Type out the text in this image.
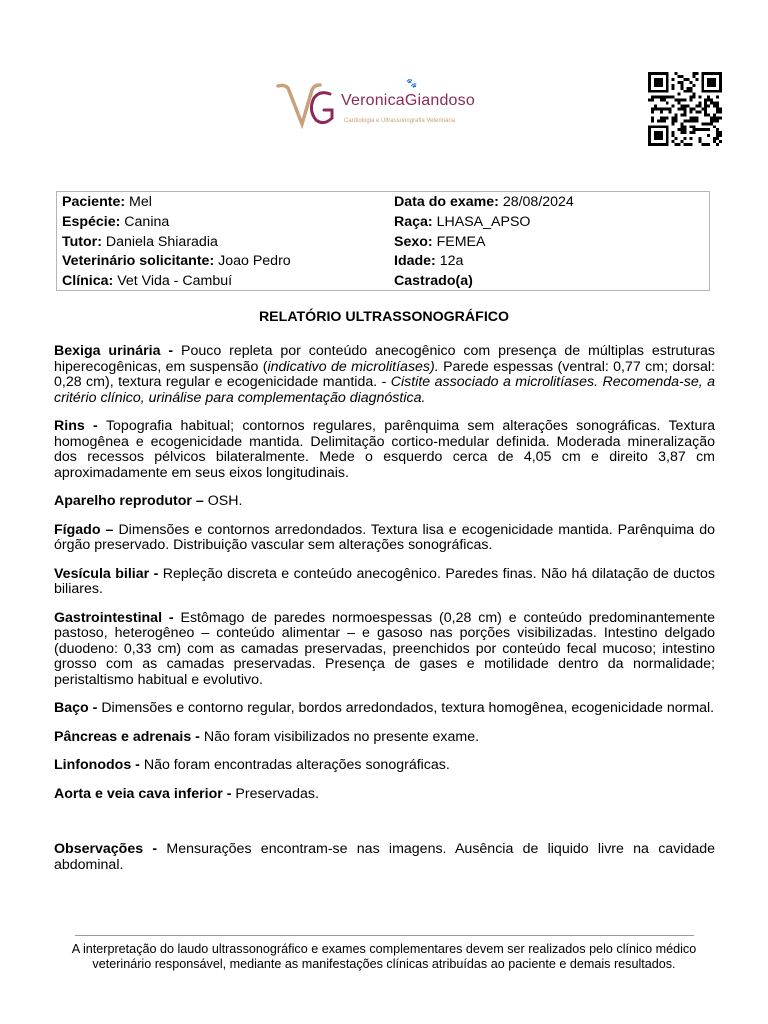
🐾
VeronicaGiandoso
Cardiologia e Ultrassonografia Veterinária
Paciente: Mel
Espécie: Canina
Tutor: Daniela Shiaradia
Veterinário solicitante: Joao Pedro
Clínica: Vet Vida - Cambuí
Data do exame: 28/08/2024
Raça: LHASA_APSO
Sexo: FEMEA
Idade: 12a
Castrado(a)
RELATÓRIO ULTRASSONOGRÁFICO
Bexiga urinária - Pouco repleta por conteúdo anecogênico com presença de múltiplas estruturas hiperecogênicas, em suspensão (indicativo de microlitíases). Parede espessas (ventral: 0,77 cm; dorsal: 0,28 cm), textura regular e ecogenicidade mantida. - Cistite associado a microlitíases. Recomenda-se, a critério clínico, urinálise para complementação diagnóstica.
Rins - Topografia habitual; contornos regulares, parênquima sem alterações sonográficas. Textura homogênea e ecogenicidade mantida. Delimitação cortico-medular definida. Moderada mineralização dos recessos pélvicos bilateralmente. Mede o esquerdo cerca de 4,05 cm e direito 3,87 cm aproximadamente em seus eixos longitudinais.
Aparelho reprodutor – OSH.
Fígado – Dimensões e contornos arredondados. Textura lisa e ecogenicidade mantida. Parênquima do órgão preservado. Distribuição vascular sem alterações sonográficas.
Vesícula biliar - Repleção discreta e conteúdo anecogênico. Paredes finas. Não há dilatação de ductos biliares.
Gastrointestinal - Estômago de paredes normoespessas (0,28 cm) e conteúdo predominantemente pastoso, heterogêneo – conteúdo alimentar – e gasoso nas porções visibilizadas. Intestino delgado (duodeno: 0,33 cm) com as camadas preservadas, preenchidos por conteúdo fecal mucoso; intestino grosso com as camadas preservadas. Presença de gases e motilidade dentro da normalidade; peristaltismo habitual e evolutivo.
Baço - Dimensões e contorno regular, bordos arredondados, textura homogênea, ecogenicidade normal.
Pâncreas e adrenais - Não foram visibilizados no presente exame.
Linfonodos - Não foram encontradas alterações sonográficas.
Aorta e veia cava inferior - Preservadas.
Observações - Mensurações encontram-se nas imagens. Ausência de liquido livre na cavidade abdominal.
A interpretação do laudo ultrassonográfico e exames complementares devem ser realizados pelo clínico médico veterinário responsável, mediante as manifestações clínicas atribuídas ao paciente e demais resultados.
